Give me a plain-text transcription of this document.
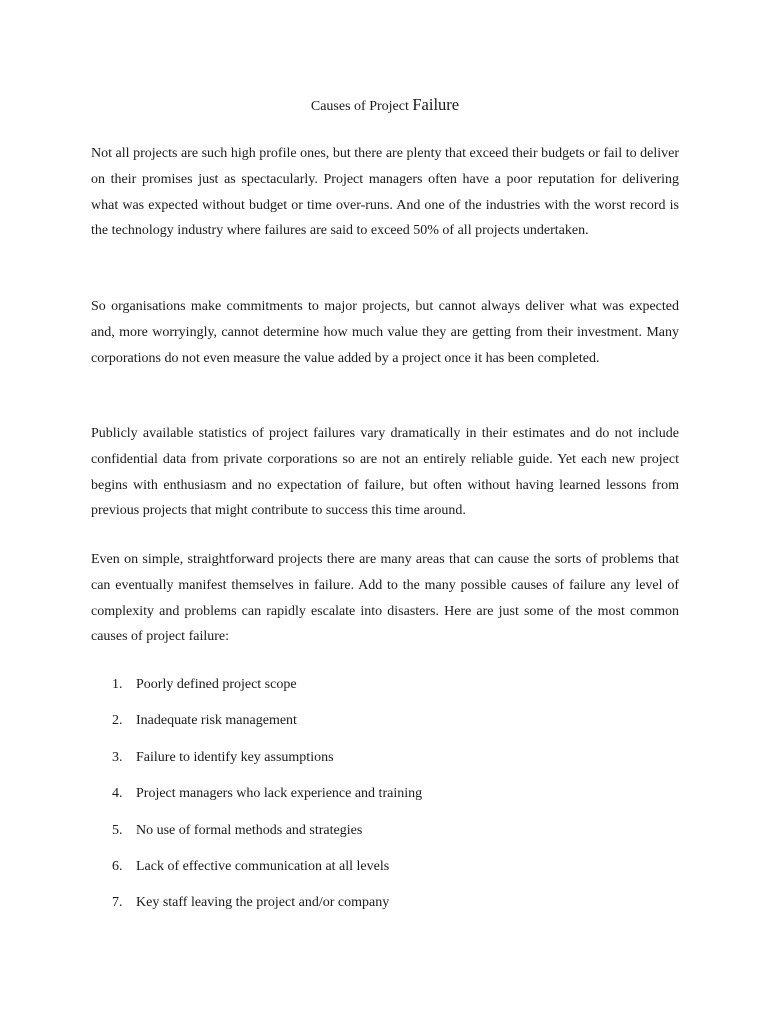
Causes of Project Failure

Not all projects are such high profile ones, but there are plenty that exceed their budgets or fail to deliver on their promises just as spectacularly. Project managers often have a poor reputation for delivering what was expected without budget or time over-runs. And one of the industries with the worst record is the technology industry where failures are said to exceed 50% of all projects undertaken.

So organisations make commitments to major projects, but cannot always deliver what was expected and, more worryingly, cannot determine how much value they are getting from their investment. Many corporations do not even measure the value added by a project once it has been completed.

Publicly available statistics of project failures vary dramatically in their estimates and do not include confidential data from private corporations so are not an entirely reliable guide. Yet each new project begins with enthusiasm and no expectation of failure, but often without having learned lessons from previous projects that might contribute to success this time around.

Even on simple, straightforward projects there are many areas that can cause the sorts of problems that can eventually manifest themselves in failure. Add to the many possible causes of failure any level of complexity and problems can rapidly escalate into disasters. Here are just some of the most common causes of project failure:

1. Poorly defined project scope
2. Inadequate risk management
3. Failure to identify key assumptions
4. Project managers who lack experience and training
5. No use of formal methods and strategies
6. Lack of effective communication at all levels
7. Key staff leaving the project and/or company
